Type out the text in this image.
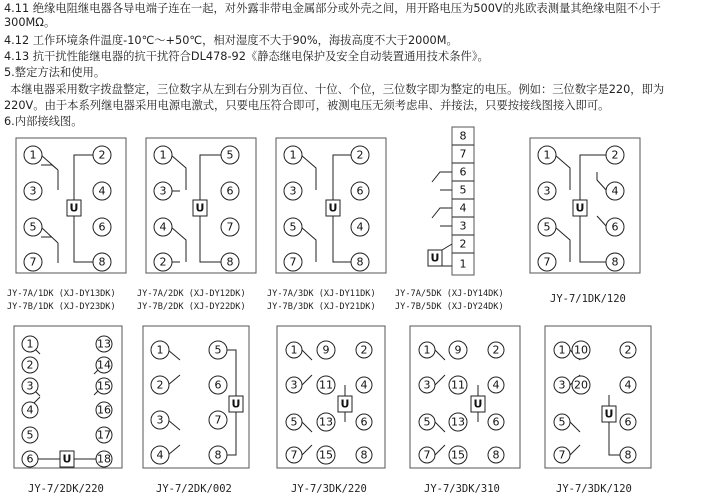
4.11 绝缘电阻继电器各导电端子连在一起，对外露非带电金属部分或外壳之间，用开路电压为500V的兆欧表测量其绝缘电阻不小于
300MΩ。
4.12 工作环境条件温度-10℃～+50℃，相对湿度不大于90%，海拔高度不大于2000M。
4.13 抗干扰性能继电器的抗干扰符合DL478-92《静态继电保护及安全自动装置通用技术条件》。
5.整定方法和使用。
本继电器采用数字拨盘整定，三位数字从左到右分别为百位、十位、个位，三位数字即为整定的电压。例如：三位数字是220，即为
220V。由于本系列继电器采用电源电激式，只要电压符合即可，被测电压无须考虑串、并接法，只要按接线图接入即可。
6.内部接线图。
U
1	2
3	4
5	6
7	8
JY-7A/1DK (XJ-DY13DK)
JY-7B/1DK (XJ-DY23DK)
U
1	5
3	6
4	7
2	8
JY-7A/2DK (XJ-DY12DK)
JY-7B/2DK (XJ-DY22DK)
U
1	2
3	6
5	4
7	8
JY-7A/3DK (XJ-DY11DK)
JY-7B/3DK (XJ-DY21DK)
8
7
6
5
4
3
2
1
U
JY-7A/5DK (XJ-DY14DK)
JY-7B/5DK (XJ-DY24DK)
U
1	2
3	4
5	6
7	8
JY-7/1DK/120
U
1	13
2	14
3	15
4	16
5	17
6	18
JY-7/2DK/220
U
1	5
2	6
3	7
4	8
JY-7/2DK/002
U
1 9	2
3 11	4
5 13	6
7 15	8
JY-7/3DK/220
U
1 9	2
3 11	4
5 13	6
7 15	8
JY-7/3DK/310
U
1 10	2
3 20	4
5	6
7	8
JY-7/3DK/120
